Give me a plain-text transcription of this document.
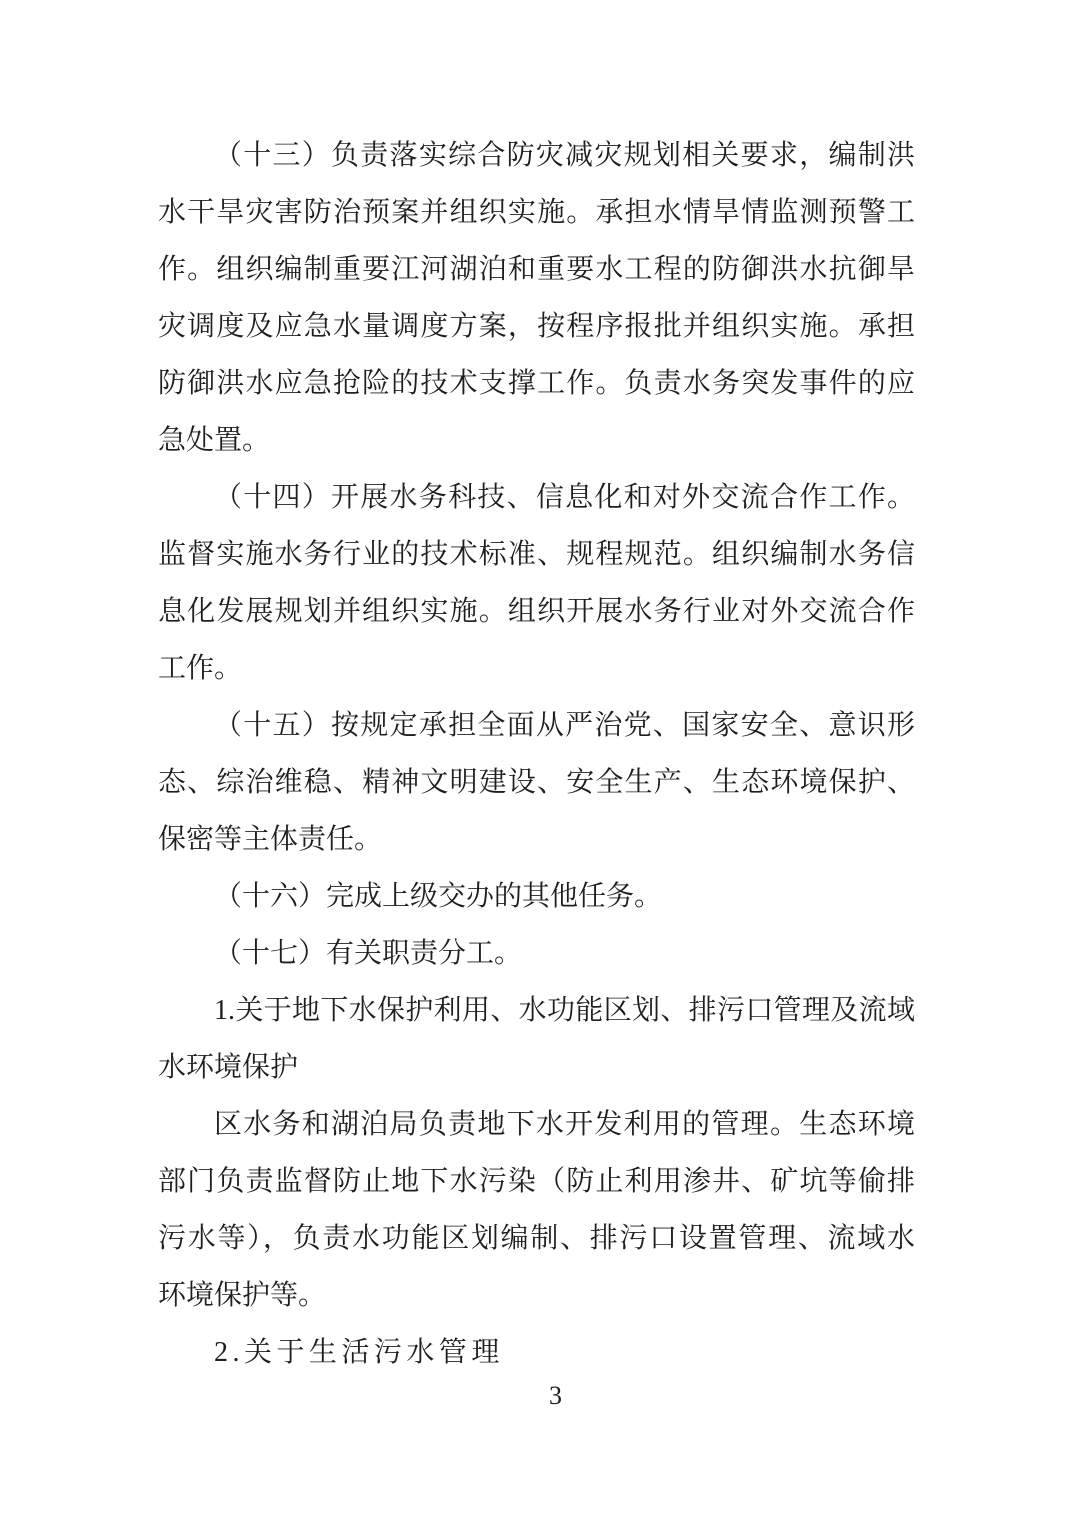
（十三）负责落实综合防灾减灾规划相关要求，编制洪
水干旱灾害防治预案并组织实施。承担水情旱情监测预警工
作。组织编制重要江河湖泊和重要水工程的防御洪水抗御旱
灾调度及应急水量调度方案，按程序报批并组织实施。承担
防御洪水应急抢险的技术支撑工作。负责水务突发事件的应
急处置。
（十四）开展水务科技、信息化和对外交流合作工作。
监督实施水务行业的技术标准、规程规范。组织编制水务信
息化发展规划并组织实施。组织开展水务行业对外交流合作
工作。
（十五）按规定承担全面从严治党、国家安全、意识形
态、综治维稳、精神文明建设、安全生产、生态环境保护、
保密等主体责任。
（十六）完成上级交办的其他任务。
（十七）有关职责分工。
1.关于地下水保护利用、水功能区划、排污口管理及流域
水环境保护
区水务和湖泊局负责地下水开发利用的管理。生态环境
部门负责监督防止地下水污染（防止利用渗井、矿坑等偷排
污水等），负责水功能区划编制、排污口设置管理、流域水
环境保护等。
2.关于生活污水管理
3
